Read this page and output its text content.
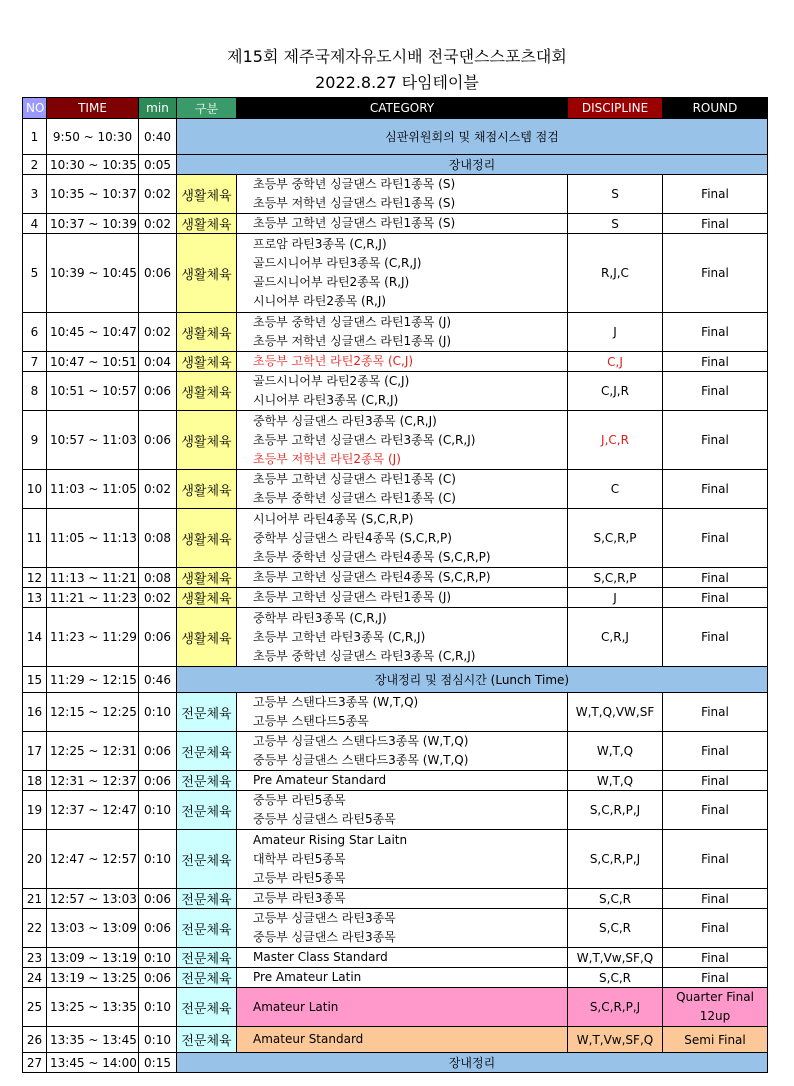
제15회 제주국제자유도시배 전국댄스스포츠대회
2022.8.27 타임테이블
NO	TIME	min	구분	CATEGORY	DISCIPLINE	ROUND
1	9:50 ~ 10:30	0:40	심판위원회의 및 채점시스템 점검			
2	10:30 ~ 10:35	0:05	장내정리			
3	10:35 ~ 10:37	0:02	생활체육	초등부 중학년 싱글댄스 라틴1종목 (S)
초등부 저학년 싱글댄스 라틴1종목 (S)	S	Final
4	10:37 ~ 10:39	0:02	생활체육	초등부 고학년 싱글댄스 라틴1종목 (S)	S	Final
5	10:39 ~ 10:45	0:06	생활체육	프로암 라틴3종목 (C,R,J)
골드시니어부 라틴3종목 (C,R,J)
골드시니어부 라틴2종목 (R,J)
시니어부 라틴2종목 (R,J)	R,J,C	Final
6	10:45 ~ 10:47	0:02	생활체육	초등부 중학년 싱글댄스 라틴1종목 (J)
초등부 저학년 싱글댄스 라틴1종목 (J)	J	Final
7	10:47 ~ 10:51	0:04	생활체육	초등부 고학년 라틴2종목 (C,J)	C,J	Final
8	10:51 ~ 10:57	0:06	생활체육	골드시니어부 라틴2종목 (C,J)
시니어부 라틴3종목 (C,R,J)	C,J,R	Final
9	10:57 ~ 11:03	0:06	생활체육	중학부 싱글댄스 라틴3종목 (C,R,J)
초등부 고학년 싱글댄스 라틴3종목 (C,R,J)
초등부 저학년 라틴2종목 (J)	J,C,R	Final
10	11:03 ~ 11:05	0:02	생활체육	초등부 고학년 싱글댄스 라틴1종목 (C)
초등부 중학년 싱글댄스 라틴1종목 (C)	C	Final
11	11:05 ~ 11:13	0:08	생활체육	시니어부 라틴4종목 (S,C,R,P)
중학부 싱글댄스 라틴4종목 (S,C,R,P)
초등부 중학년 싱글댄스 라틴4종목 (S,C,R,P)	S,C,R,P	Final
12	11:13 ~ 11:21	0:08	생활체육	초등부 고학년 싱글댄스 라틴4종목 (S,C,R,P)	S,C,R,P	Final
13	11:21 ~ 11:23	0:02	생활체육	초등부 고학년 싱글댄스 라틴1종목 (J)	J	Final
14	11:23 ~ 11:29	0:06	생활체육	중학부 라틴3종목 (C,R,J)
초등부 고학년 라틴3종목 (C,R,J)
초등부 중학년 싱글댄스 라틴3종목 (C,R,J)	C,R,J	Final
15	11:29 ~ 12:15	0:46	장내정리 및 점심시간 (Lunch Time)			
16	12:15 ~ 12:25	0:10	전문체육	고등부 스탠다드3종목 (W,T,Q)
고등부 스탠다드5종목	W,T,Q,VW,SF	Final
17	12:25 ~ 12:31	0:06	전문체육	고등부 싱글댄스 스탠다드3종목 (W,T,Q)
중등부 싱글댄스 스탠다드3종목 (W,T,Q)	W,T,Q	Final
18	12:31 ~ 12:37	0:06	전문체육	Pre Amateur Standard	W,T,Q	Final
19	12:37 ~ 12:47	0:10	전문체육	중등부 라틴5종목
중등부 싱글댄스 라틴5종목	S,C,R,P,J	Final
20	12:47 ~ 12:57	0:10	전문체육	Amateur Rising Star Laitn
대학부 라틴5종목
고등부 라틴5종목	S,C,R,P,J	Final
21	12:57 ~ 13:03	0:06	전문체육	고등부 라틴3종목	S,C,R	Final
22	13:03 ~ 13:09	0:06	전문체육	고등부 싱글댄스 라틴3종목
중등부 싱글댄스 라틴3종목	S,C,R	Final
23	13:09 ~ 13:19	0:10	전문체육	Master Class Standard	W,T,Vw,SF,Q	Final
24	13:19 ~ 13:25	0:06	전문체육	Pre Amateur Latin	S,C,R	Final
25	13:25 ~ 13:35	0:10	전문체육	Amateur Latin	S,C,R,P,J	Quarter Final
12up

26	13:35 ~ 13:45	0:10	전문체육	Amateur Standard	W,T,Vw,SF,Q	Semi Final
27	13:45 ~ 14:00	0:15	장내정리			
